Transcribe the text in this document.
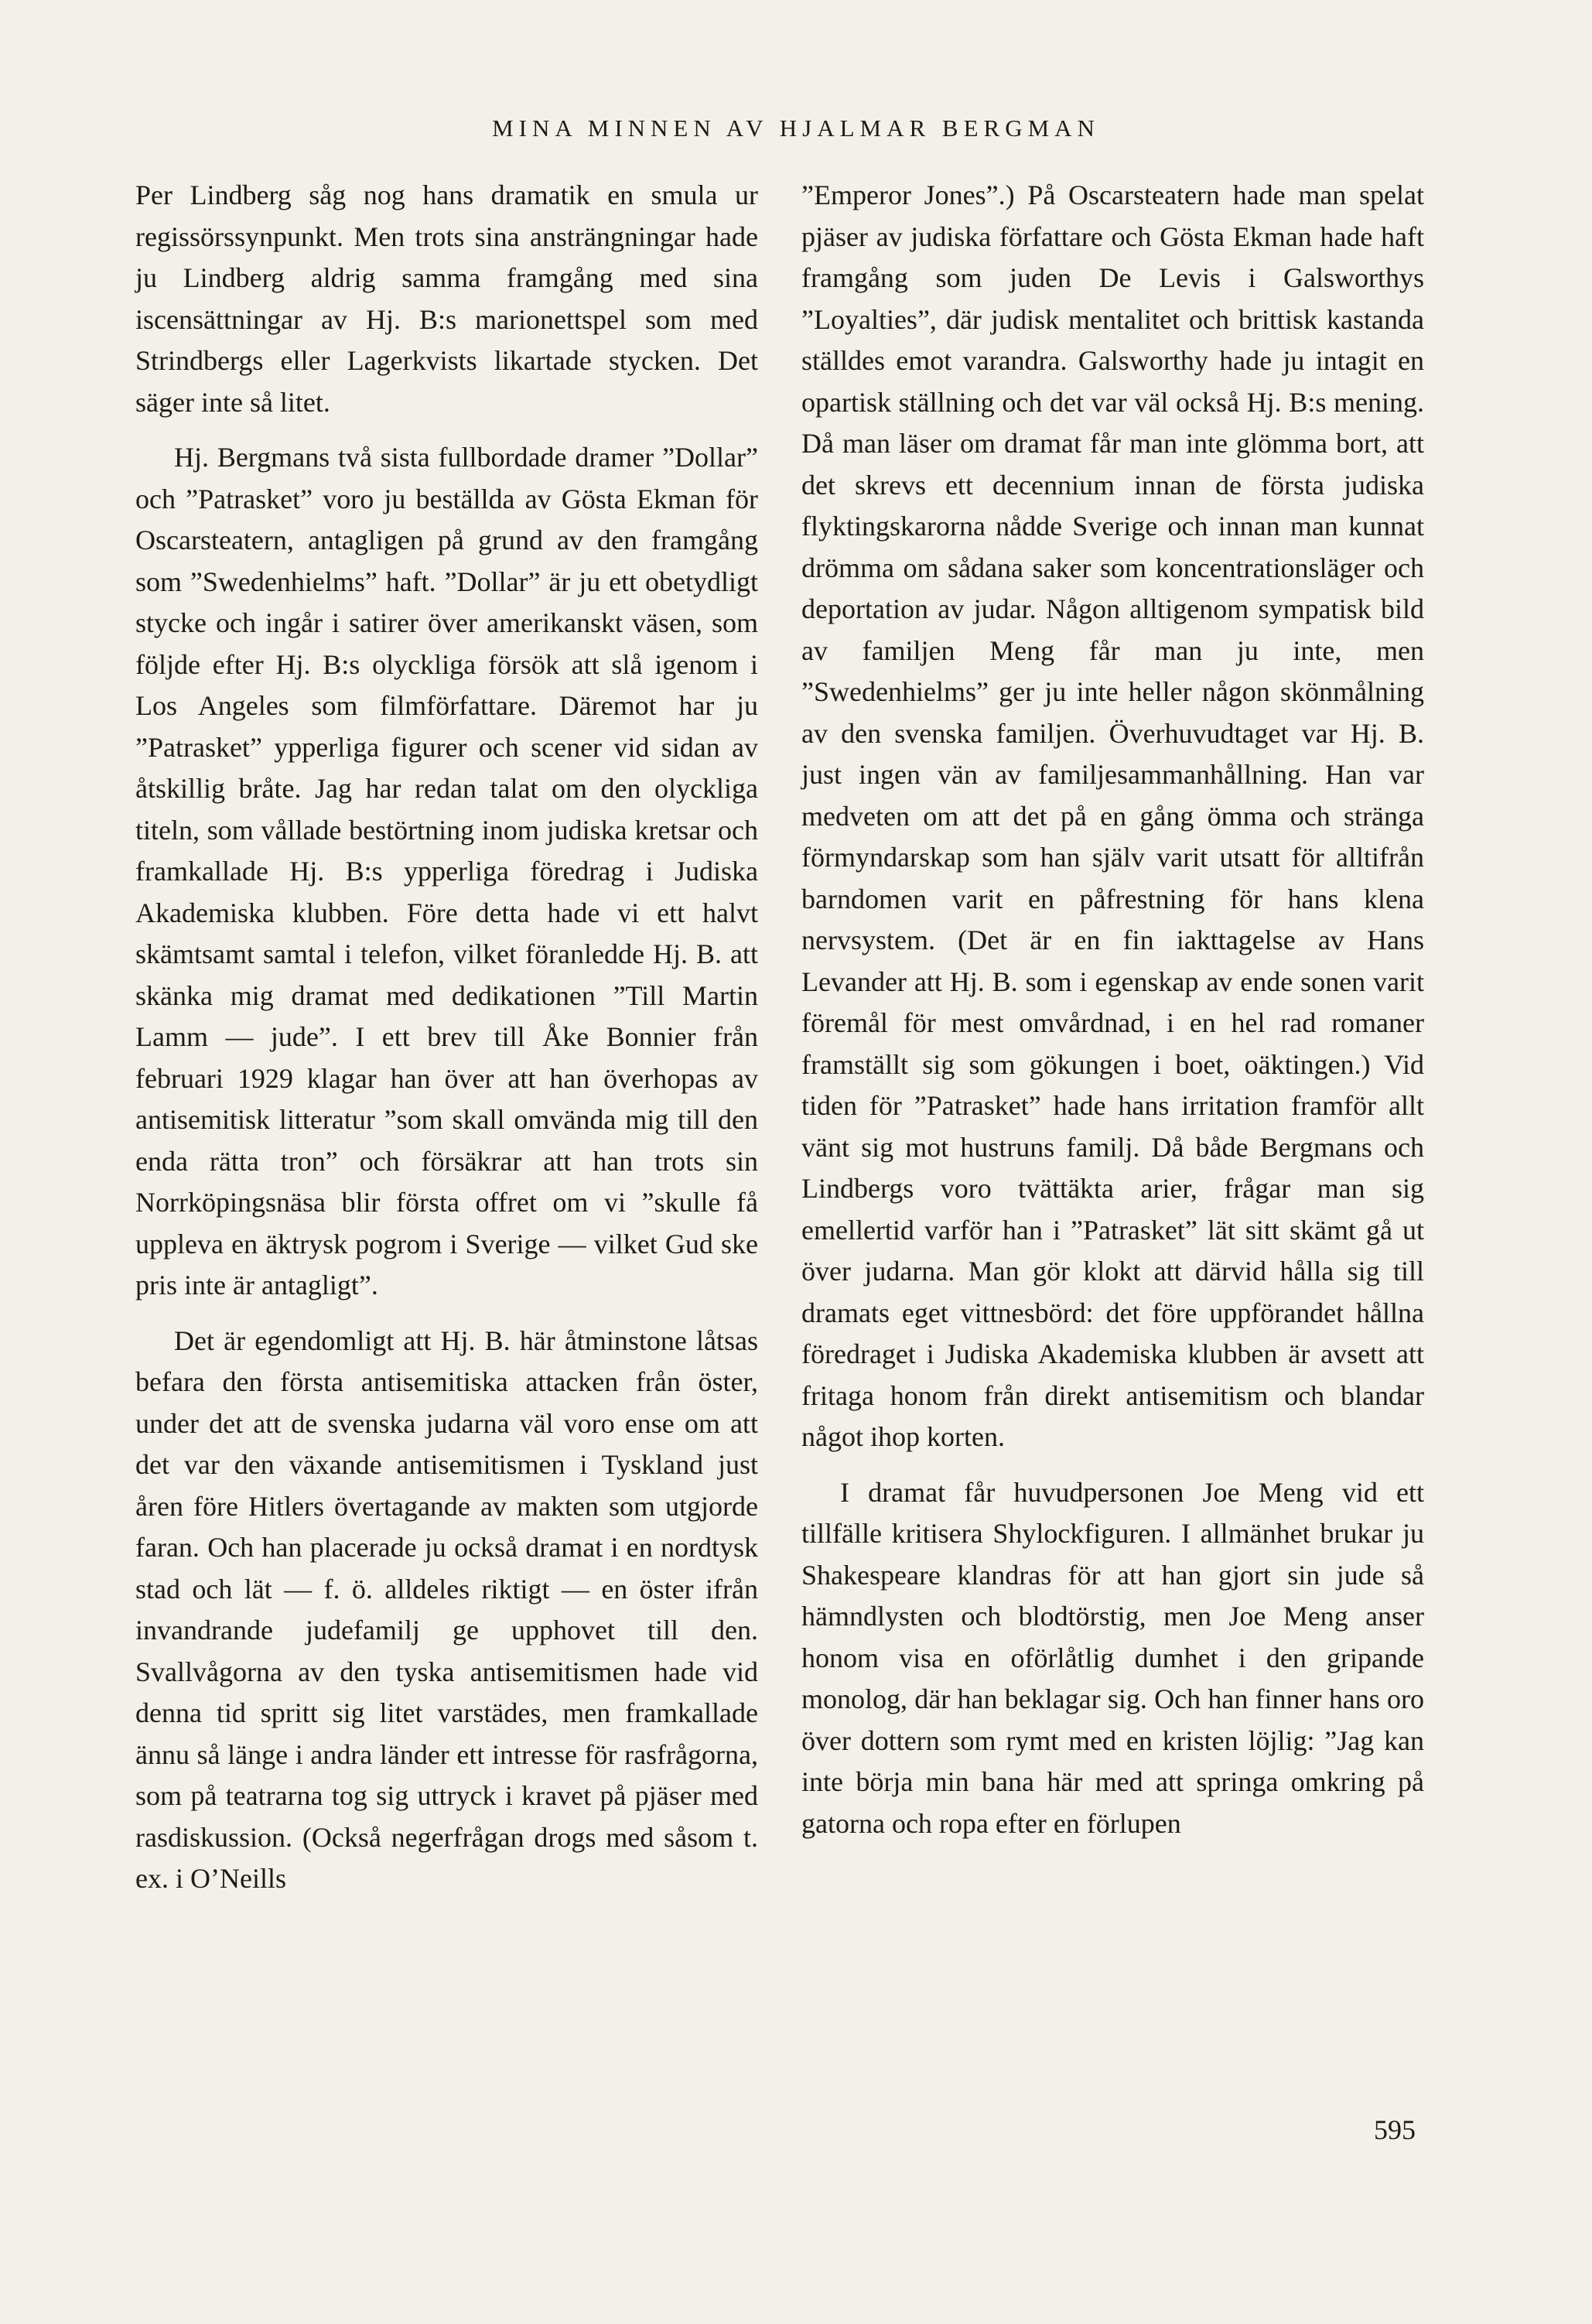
MINA MINNEN AV HJALMAR BERGMAN

Per Lindberg såg nog hans dramatik en smula ur regissörssynpunkt. Men trots sina ansträngningar hade ju Lindberg aldrig samma framgång med sina iscensättningar av Hj. B:s marionettspel som med Strindbergs eller Lagerkvists likartade stycken. Det säger inte så litet.

Hj. Bergmans två sista fullbordade dramer ”Dollar” och ”Patrasket” voro ju beställda av Gösta Ekman för Oscarsteatern, antagligen på grund av den framgång som ”Swedenhielms” haft. ”Dollar” är ju ett obetydligt stycke och ingår i satirer över amerikanskt väsen, som följde efter Hj. B:s olyckliga försök att slå igenom i Los Angeles som filmförfattare. Däremot har ju ”Patrasket” ypperliga figurer och scener vid sidan av åtskillig bråte. Jag har redan talat om den olyckliga titeln, som vållade bestörtning inom judiska kretsar och framkallade Hj. B:s ypperliga föredrag i Judiska Akademiska klubben. Före detta hade vi ett halvt skämtsamt samtal i telefon, vilket föranledde Hj. B. att skänka mig dramat med dedikationen ”Till Martin Lamm — jude”. I ett brev till Åke Bonnier från februari 1929 klagar han över att han överhopas av antisemitisk litteratur ”som skall omvända mig till den enda rätta tron” och försäkrar att han trots sin Norrköpingsnäsa blir första offret om vi ”skulle få uppleva en äktrysk pogrom i Sverige — vilket Gud ske pris inte är antagligt”.

Det är egendomligt att Hj. B. här åtminstone låtsas befara den första antisemitiska attacken från öster, under det att de svenska judarna väl voro ense om att det var den växande antisemitismen i Tyskland just åren före Hitlers övertagande av makten som utgjorde faran. Och han placerade ju också dramat i en nordtysk stad och lät — f. ö. alldeles riktigt — en öster ifrån invandrande judefamilj ge upphovet till den. Svallvågorna av den tyska antisemitismen hade vid denna tid spritt sig litet varstädes, men framkallade ännu så länge i andra länder ett intresse för rasfrågorna, som på teatrarna tog sig uttryck i kravet på pjäser med rasdiskussion. (Också negerfrågan drogs med såsom t. ex. i O’Neills

”Emperor Jones”.) På Oscarsteatern hade man spelat pjäser av judiska författare och Gösta Ekman hade haft framgång som juden De Levis i Galsworthys ”Loyalties”, där judisk mentalitet och brittisk kastanda ställdes emot varandra. Galsworthy hade ju intagit en opartisk ställning och det var väl också Hj. B:s mening. Då man läser om dramat får man inte glömma bort, att det skrevs ett decennium innan de första judiska flyktingskarorna nådde Sverige och innan man kunnat drömma om sådana saker som koncentrationsläger och deportation av judar. Någon alltigenom sympatisk bild av familjen Meng får man ju inte, men ”Swedenhielms” ger ju inte heller någon skönmålning av den svenska familjen. Överhuvudtaget var Hj. B. just ingen vän av familjesammanhållning. Han var medveten om att det på en gång ömma och stränga förmyndarskap som han själv varit utsatt för alltifrån barndomen varit en påfrestning för hans klena nervsystem. (Det är en fin iakttagelse av Hans Levander att Hj. B. som i egenskap av ende sonen varit föremål för mest omvårdnad, i en hel rad romaner framställt sig som gökungen i boet, oäktingen.) Vid tiden för ”Patrasket” hade hans irritation framför allt vänt sig mot hustruns familj. Då både Bergmans och Lindbergs voro tvättäkta arier, frågar man sig emellertid varför han i ”Patrasket” lät sitt skämt gå ut över judarna. Man gör klokt att därvid hålla sig till dramats eget vittnesbörd: det före uppförandet hållna föredraget i Judiska Akademiska klubben är avsett att fritaga honom från direkt antisemitism och blandar något ihop korten.

I dramat får huvudpersonen Joe Meng vid ett tillfälle kritisera Shylockfiguren. I allmänhet brukar ju Shakespeare klandras för att han gjort sin jude så hämndlysten och blodtörstig, men Joe Meng anser honom visa en oförlåtlig dumhet i den gripande monolog, där han beklagar sig. Och han finner hans oro över dottern som rymt med en kristen löjlig: ”Jag kan inte börja min bana här med att springa omkring på gatorna och ropa efter en förlupen

595
